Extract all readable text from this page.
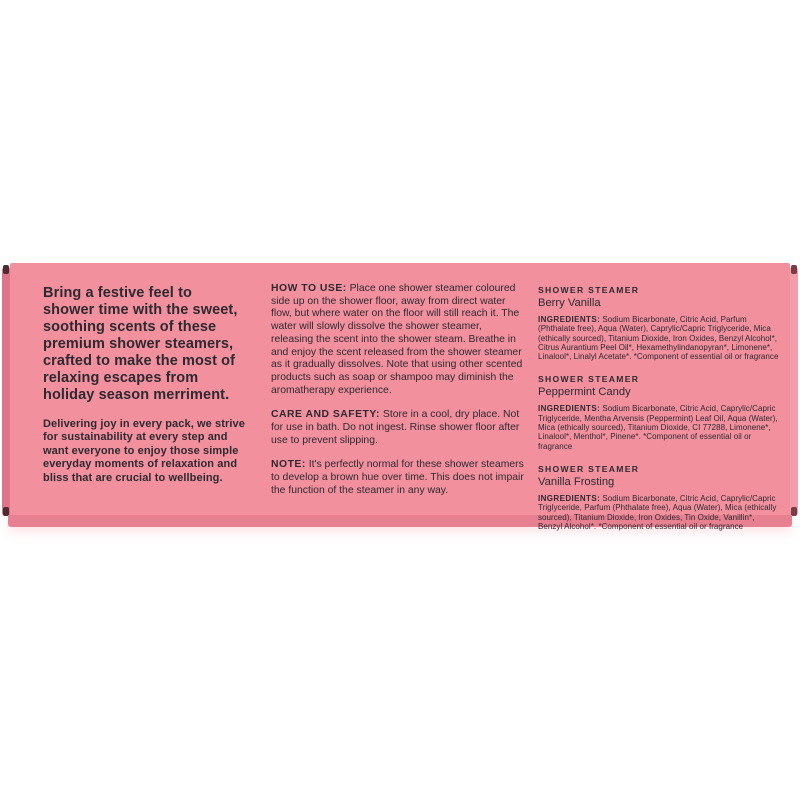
Bring a festive feel to shower time with the sweet, soothing scents of these premium shower steamers, crafted to make the most of relaxing escapes from holiday season merriment.

Delivering joy in every pack, we strive for sustainability at every step and want everyone to enjoy those simple everyday moments of relaxation and bliss that are crucial to wellbeing.

HOW TO USE: Place one shower steamer coloured side up on the shower floor, away from direct water flow, but where water on the floor will still reach it. The water will slowly dissolve the shower steamer, releasing the scent into the shower steam. Breathe in and enjoy the scent released from the shower steamer as it gradually dissolves. Note that using other scented products such as soap or shampoo may diminish the aromatherapy experience.

CARE AND SAFETY: Store in a cool, dry place. Not for use in bath. Do not ingest. Rinse shower floor after use to prevent slipping.

NOTE: It's perfectly normal for these shower steamers to develop a brown hue over time. This does not impair the function of the steamer in any way.

SHOWER STEAMER
Berry Vanilla
INGREDIENTS: Sodium Bicarbonate, Citric Acid, Parfum (Phthalate free), Aqua (Water), Caprylic/Capric Triglyceride, Mica (ethically sourced), Titanium Dioxide, Iron Oxides, Benzyl Alcohol*, Citrus Aurantium Peel Oil*, Hexamethylindanopyran*, Limonene*, Linalool*, Linalyl Acetate*. *Component of essential oil or fragrance
SHOWER STEAMER
Peppermint Candy
INGREDIENTS: Sodium Bicarbonate, Citric Acid, Caprylic/Capric Triglyceride, Mentha Arvensis (Peppermint) Leaf Oil, Aqua (Water), Mica (ethically sourced), Titanium Dioxide, CI 77288, Limonene*, Linalool*, Menthol*, Pinene*. *Component of essential oil or fragrance
SHOWER STEAMER
Vanilla Frosting
INGREDIENTS: Sodium Bicarbonate, Citric Acid, Caprylic/Capric Triglyceride, Parfum (Phthalate free), Aqua (Water), Mica (ethically sourced), Titanium Dioxide, Iron Oxides, Tin Oxide, Vanillin*, Benzyl Alcohol*. *Component of essential oil or fragrance
